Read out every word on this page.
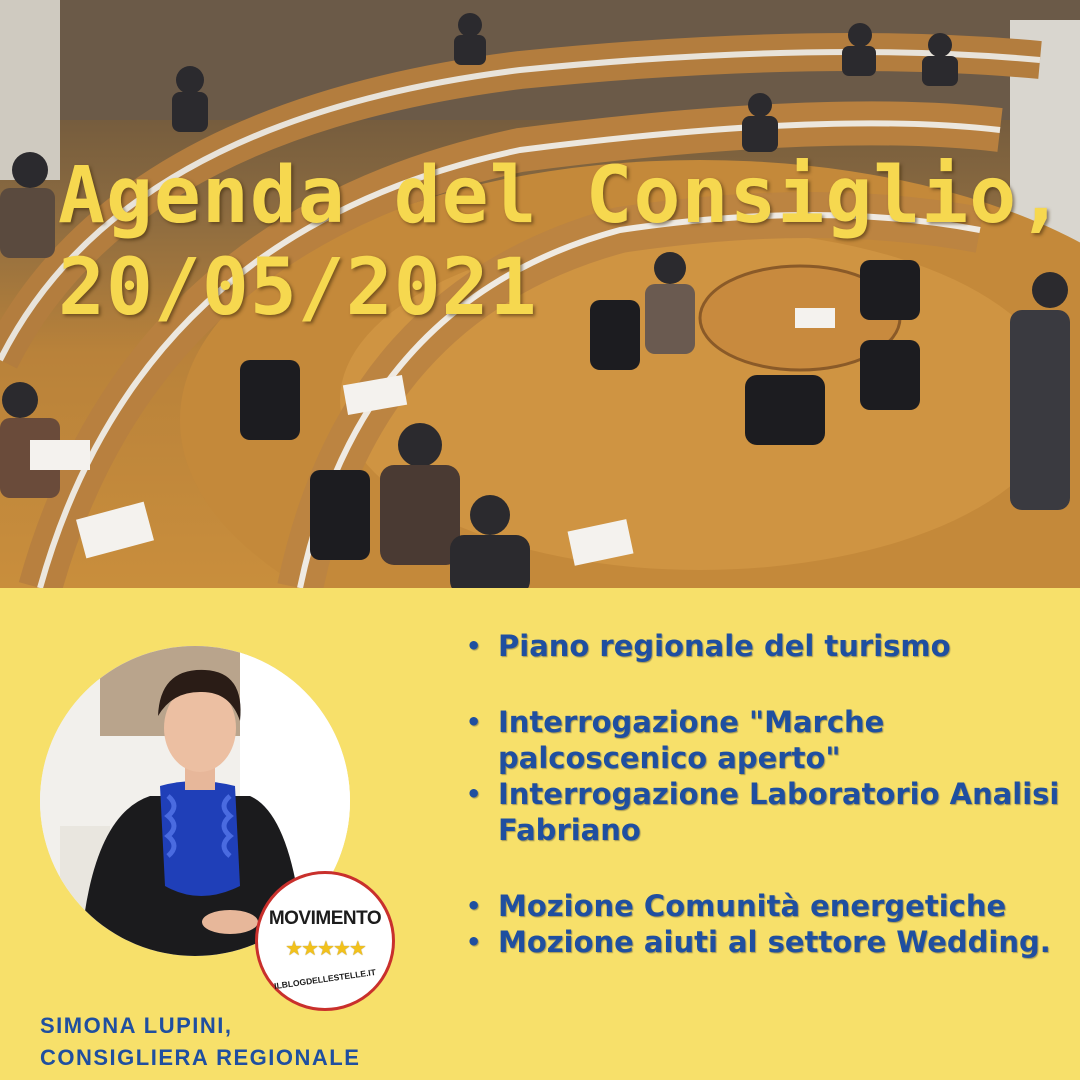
Agenda del Consiglio,
20/05/2021
MOVIMENTO
★★★★★
ILBLOGDELLESTELLE.IT

SIMONA LUPINI,
CONSIGLIERA REGIONALE

• Piano regionale del turismo
• Interrogazione "Marche palcoscenico aperto"
• Interrogazione Laboratorio Analisi Fabriano
• Mozione Comunità energetiche
• Mozione aiuti al settore Wedding.
